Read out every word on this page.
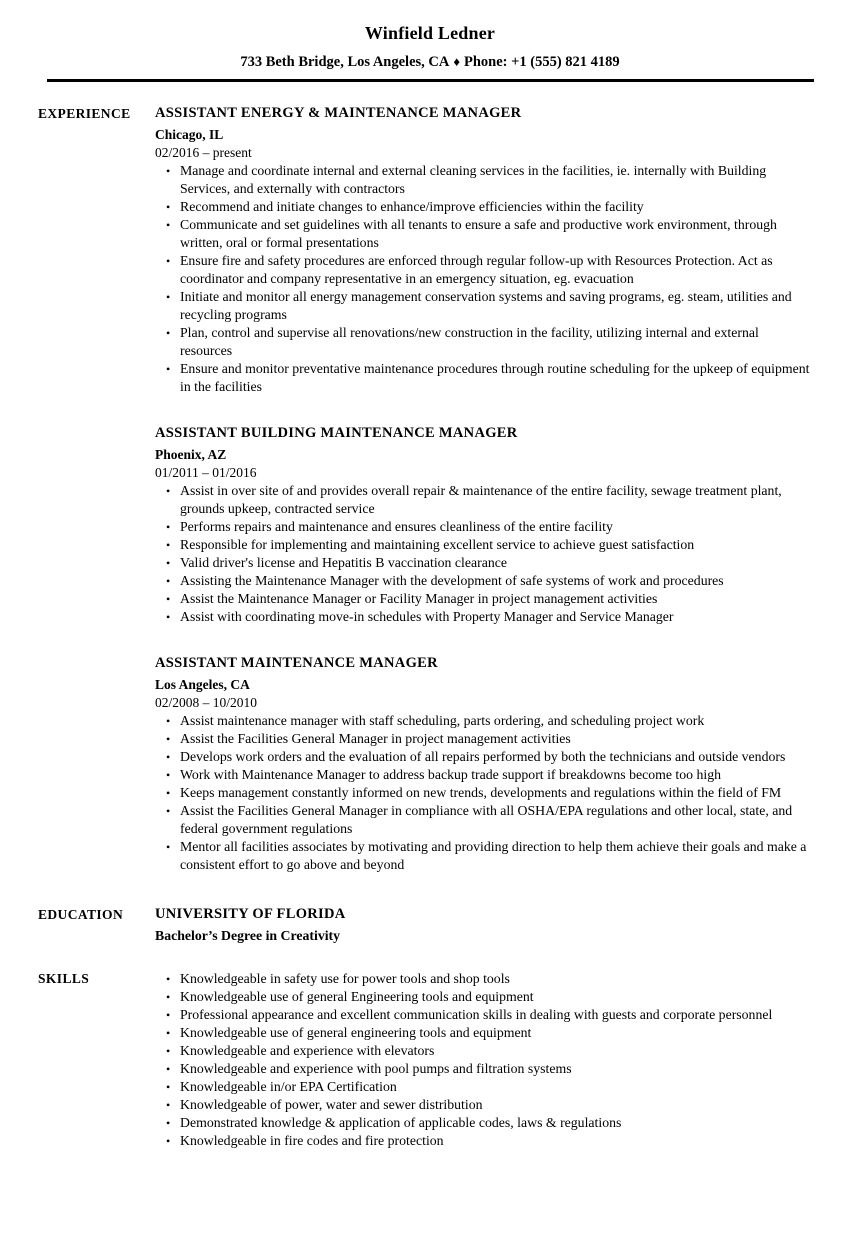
Winfield Ledner
733 Beth Bridge, Los Angeles, CA ♦ Phone: +1 (555) 821 4189
EXPERIENCE	ASSISTANT ENERGY & MAINTENANCE MANAGER
Chicago, IL
02/2016 – present
• Manage and coordinate internal and external cleaning services in the facilities, ie. internally with Building Services, and externally with contractors
• Recommend and initiate changes to enhance/improve efficiencies within the facility
• Communicate and set guidelines with all tenants to ensure a safe and productive work environment, through written, oral or formal presentations
• Ensure fire and safety procedures are enforced through regular follow-up with Resources Protection. Act as coordinator and company representative in an emergency situation, eg. evacuation
• Initiate and monitor all energy management conservation systems and saving programs, eg. steam, utilities and recycling programs
• Plan, control and supervise all renovations/new construction in the facility, utilizing internal and external resources
• Ensure and monitor preventative maintenance procedures through routine scheduling for the upkeep of equipment in the facilities
ASSISTANT BUILDING MAINTENANCE MANAGER
Phoenix, AZ
01/2011 – 01/2016
• Assist in over site of and provides overall repair & maintenance of the entire facility, sewage treatment plant, grounds upkeep, contracted service
• Performs repairs and maintenance and ensures cleanliness of the entire facility
• Responsible for implementing and maintaining excellent service to achieve guest satisfaction
• Valid driver's license and Hepatitis B vaccination clearance
• Assisting the Maintenance Manager with the development of safe systems of work and procedures
• Assist the Maintenance Manager or Facility Manager in project management activities
• Assist with coordinating move-in schedules with Property Manager and Service Manager
ASSISTANT MAINTENANCE MANAGER
Los Angeles, CA
02/2008 – 10/2010
• Assist maintenance manager with staff scheduling, parts ordering, and scheduling project work
• Assist the Facilities General Manager in project management activities
• Develops work orders and the evaluation of all repairs performed by both the technicians and outside vendors
• Work with Maintenance Manager to address backup trade support if breakdowns become too high
• Keeps management constantly informed on new trends, developments and regulations within the field of FM
• Assist the Facilities General Manager in compliance with all OSHA/EPA regulations and other local, state, and federal government regulations
• Mentor all facilities associates by motivating and providing direction to help them achieve their goals and make a consistent effort to go above and beyond
EDUCATION	UNIVERSITY OF FLORIDA
Bachelor’s Degree in Creativity
SKILLS	• Knowledgeable in safety use for power tools and shop tools
• Knowledgeable use of general Engineering tools and equipment
• Professional appearance and excellent communication skills in dealing with guests and corporate personnel
• Knowledgeable use of general engineering tools and equipment
• Knowledgeable and experience with elevators
• Knowledgeable and experience with pool pumps and filtration systems
• Knowledgeable in/or EPA Certification
• Knowledgeable of power, water and sewer distribution
• Demonstrated knowledge & application of applicable codes, laws & regulations
• Knowledgeable in fire codes and fire protection
